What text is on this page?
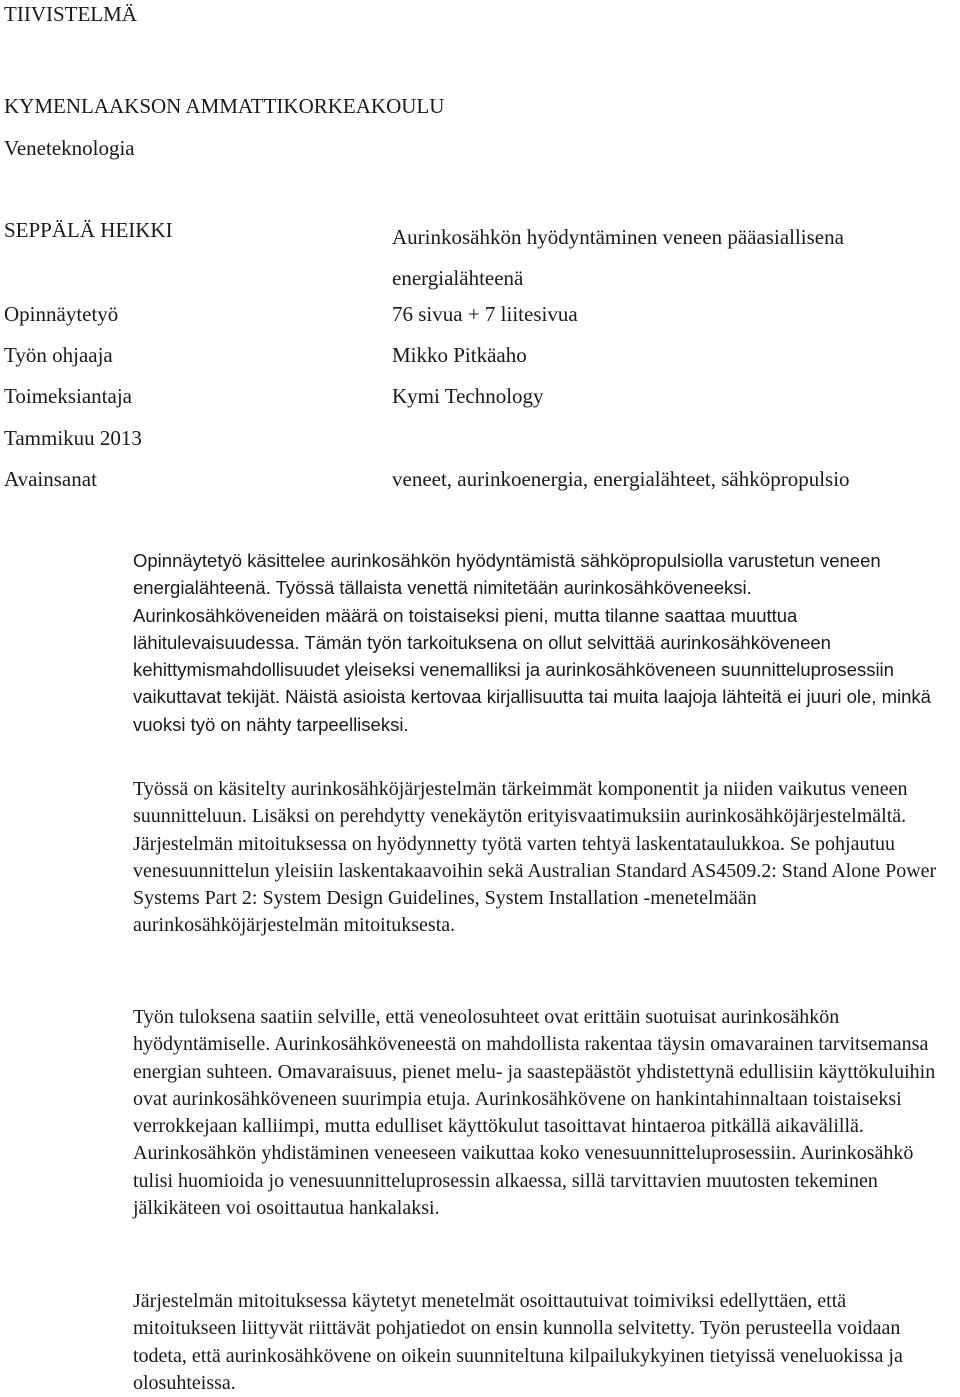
TIIVISTELMÄ
KYMENLAAKSON AMMATTIKORKEAKOULU
Veneteknologia
SEPPÄLÄ HEIKKI	Aurinkosähkön hyödyntäminen veneen pääasiallisena energialähteenä
Opinnäytetyö	76 sivua + 7 liitesivua
Työn ohjaaja	Mikko Pitkäaho
Toimeksiantaja	Kymi Technology
Tammikuu 2013
Avainsanat	veneet, aurinkoenergia, energialähteet, sähköpropulsio

Opinnäytetyö käsittelee aurinkosähkön hyödyntämistä sähköpropulsiolla varustetun veneen energialähteenä. Työssä tällaista venettä nimitetään aurinkosähköveneeksi. Aurinkosähköveneiden määrä on toistaiseksi pieni, mutta tilanne saattaa muuttua lähitulevaisuudessa. Tämän työn tarkoituksena on ollut selvittää aurinkosähköveneen kehittymismahdollisuudet yleiseksi venemalliksi ja aurinkosähköveneen suunnitteluprosessiin vaikuttavat tekijät. Näistä asioista kertovaa kirjallisuutta tai muita laajoja lähteitä ei juuri ole, minkä vuoksi työ on nähty tarpeelliseksi.

Työssä on käsitelty aurinkosähköjärjestelmän tärkeimmät komponentit ja niiden vaikutus veneen suunnitteluun. Lisäksi on perehdytty venekäytön erityisvaatimuksiin aurinkosähköjärjestelmältä. Järjestelmän mitoituksessa on hyödynnetty työtä varten tehtyä laskentataulukkoa. Se pohjautuu venesuunnittelun yleisiin laskentakaavoihin sekä Australian Standard AS4509.2: Stand Alone Power Systems Part 2: System Design Guidelines, System Installation -menetelmään aurinkosähköjärjestelmän mitoituksesta.

Työn tuloksena saatiin selville, että veneolosuhteet ovat erittäin suotuisat aurinkosähkön hyödyntämiselle. Aurinkosähköveneestä on mahdollista rakentaa täysin omavarainen tarvitsemansa energian suhteen. Omavaraisuus, pienet melu- ja saastepäästöt yhdistettynä edullisiin käyttökuluihin ovat aurinkosähköveneen suurimpia etuja. Aurinkosähkövene on hankintahinnaltaan toistaiseksi verrokkejaan kalliimpi, mutta edulliset käyttökulut tasoittavat hintaeroa pitkällä aikavälillä. Aurinkosähkön yhdistäminen veneeseen vaikuttaa koko venesuunnitteluprosessiin. Aurinkosähkö tulisi huomioida jo venesuunnitteluprosessin alkaessa, sillä tarvittavien muutosten tekeminen jälkikäteen voi osoittautua hankalaksi.

Järjestelmän mitoituksessa käytetyt menetelmät osoittautuivat toimiviksi edellyttäen, että mitoitukseen liittyvät riittävät pohjatiedot on ensin kunnolla selvitetty. Työn perusteella voidaan todeta, että aurinkosähkövene on oikein suunniteltuna kilpailukykyinen tietyissä veneluokissa ja olosuhteissa.
